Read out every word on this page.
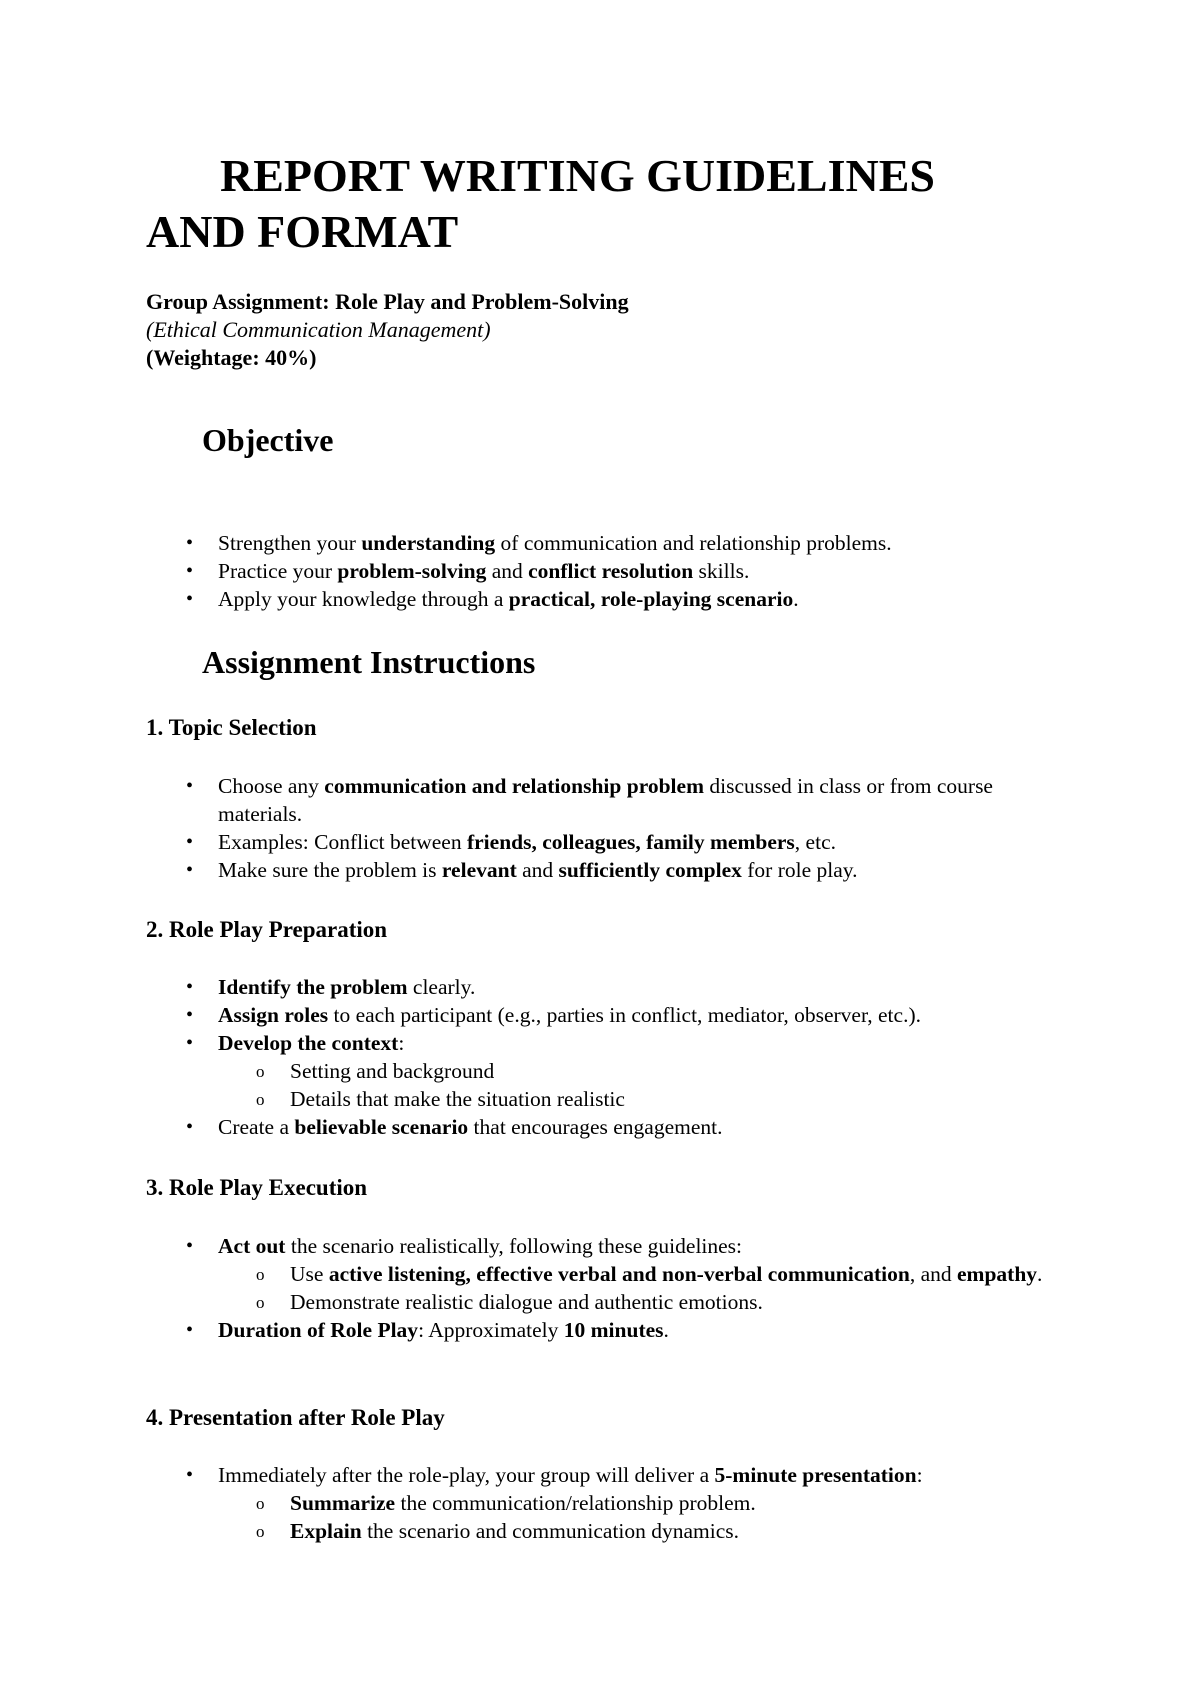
REPORT WRITING GUIDELINES
AND FORMAT
Group Assignment: Role Play and Problem-Solving
(Ethical Communication Management)
(Weightage: 40%)
Objective
• Strengthen your understanding of communication and relationship problems.
• Practice your problem-solving and conflict resolution skills.
• Apply your knowledge through a practical, role-playing scenario.
Assignment Instructions
1. Topic Selection
• Choose any communication and relationship problem discussed in class or from course materials.
• Examples: Conflict between friends, colleagues, family members, etc.
• Make sure the problem is relevant and sufficiently complex for role play.
2. Role Play Preparation
• Identify the problem clearly.
• Assign roles to each participant (e.g., parties in conflict, mediator, observer, etc.).
• Develop the context:
o Setting and background
o Details that make the situation realistic
• Create a believable scenario that encourages engagement.
3. Role Play Execution
• Act out the scenario realistically, following these guidelines:
o Use active listening, effective verbal and non-verbal communication, and empathy.
o Demonstrate realistic dialogue and authentic emotions.
• Duration of Role Play: Approximately 10 minutes.
4. Presentation after Role Play
• Immediately after the role-play, your group will deliver a 5-minute presentation:
o Summarize the communication/relationship problem.
o Explain the scenario and communication dynamics.
